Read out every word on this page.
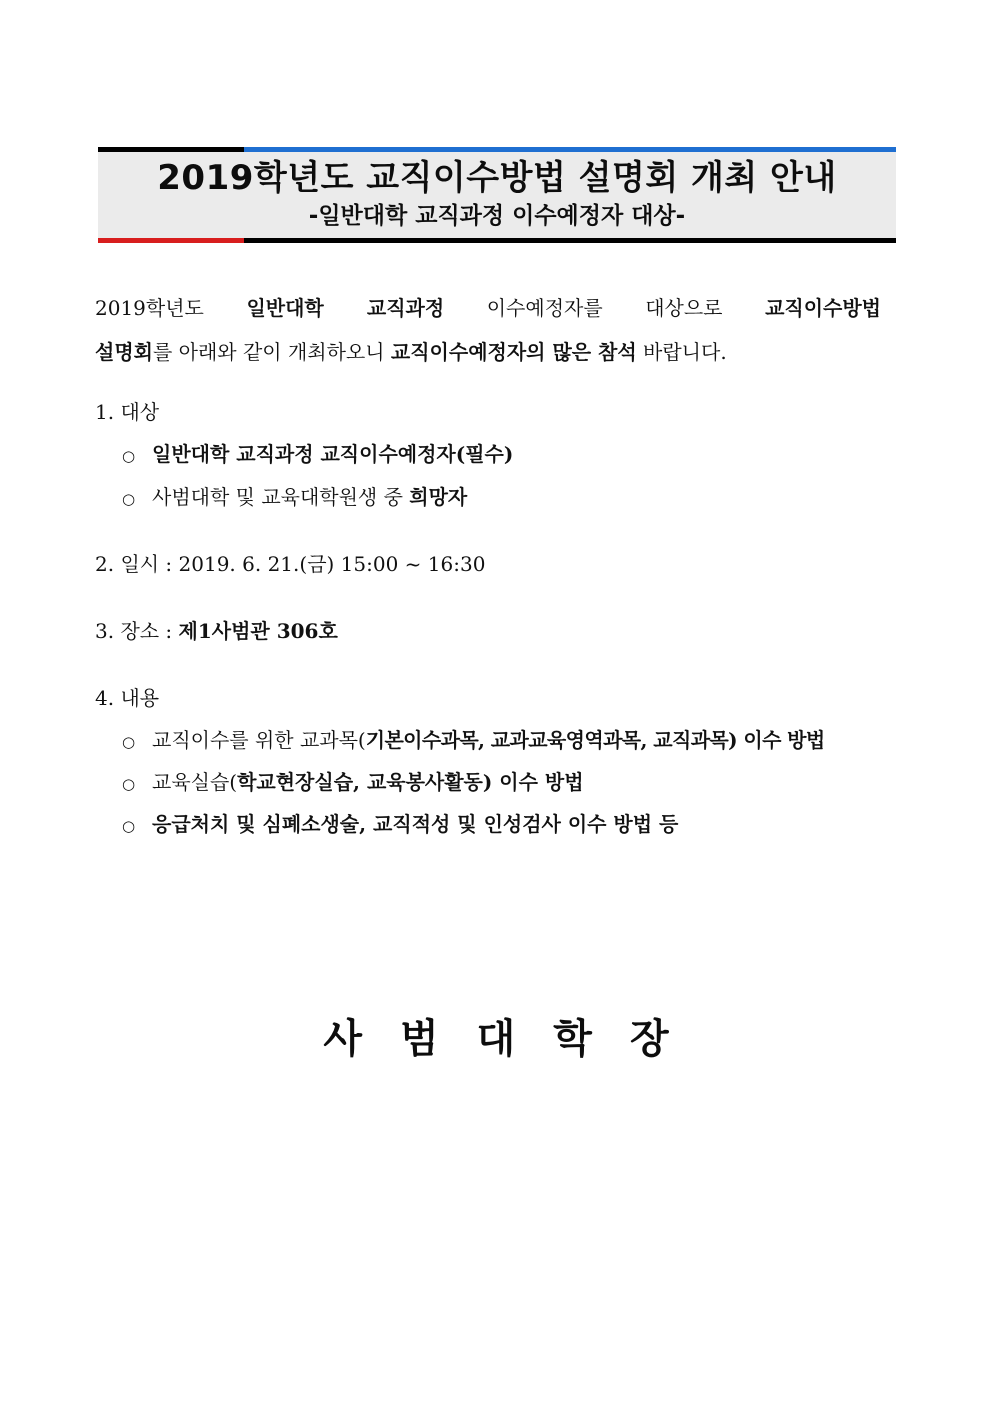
2019학년도 교직이수방법 설명회 개최 안내
-일반대학 교직과정 이수예정자 대상-
2019학년도 일반대학 교직과정 이수예정자를 대상으로 교직이수방법
설명회를 아래와 같이 개최하오니 교직이수예정자의 많은 참석 바랍니다.
1. 대상
○ 일반대학 교직과정 교직이수예정자(필수)
○ 사범대학 및 교육대학원생 중 희망자
2. 일시 : 2019. 6. 21.(금) 15:00 ~ 16:30
3. 장소 : 제1사범관 306호
4. 내용
○ 교직이수를 위한 교과목(기본이수과목, 교과교육영역과목, 교직과목) 이수 방법
○ 교육실습(학교현장실습, 교육봉사활동) 이수 방법
○ 응급처치 및 심폐소생술, 교직적성 및 인성검사 이수 방법 등
사범대학장
